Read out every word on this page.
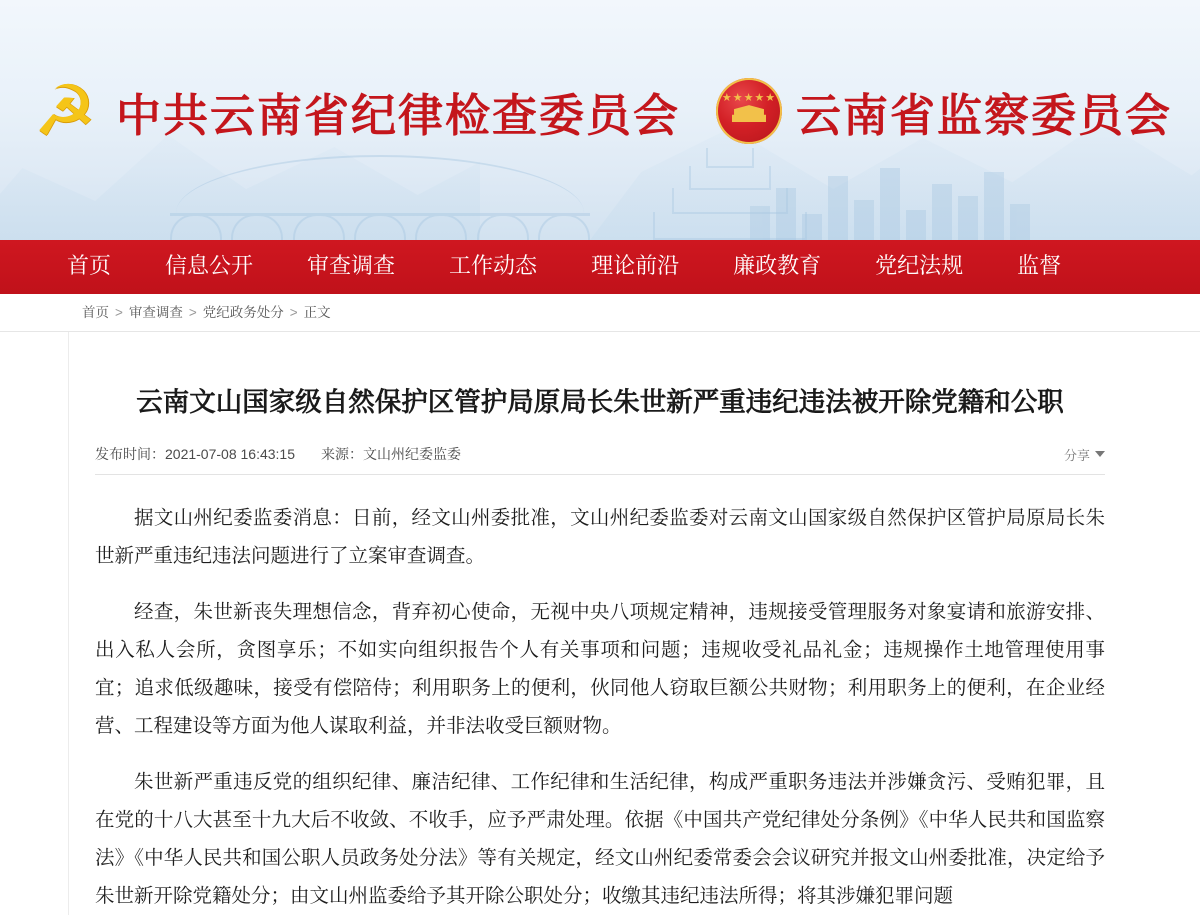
☭ 中共云南省纪律检查委员会	★★★★★ 云南省监察委员会
首页	信息公开	审查调查	工作动态	理论前沿	廉政教育	党纪法规	监督
首页 > 审查调查 > 党纪政务处分 > 正文
云南文山国家级自然保护区管护局原局长朱世新严重违纪违法被开除党籍和公职
发布时间：2021-07-08 16:43:15 来源：文山州纪委监委	分享

据文山州纪委监委消息：日前，经文山州委批准，文山州纪委监委对云南文山国家级自然保护区管护局原局长朱世新严重违纪违法问题进行了立案审查调查。

经查，朱世新丧失理想信念，背弃初心使命，无视中央八项规定精神，违规接受管理服务对象宴请和旅游安排、出入私人会所，贪图享乐；不如实向组织报告个人有关事项和问题；违规收受礼品礼金；违规操作土地管理使用事宜；追求低级趣味，接受有偿陪侍；利用职务上的便利，伙同他人窃取巨额公共财物；利用职务上的便利，在企业经营、工程建设等方面为他人谋取利益，并非法收受巨额财物。

朱世新严重违反党的组织纪律、廉洁纪律、工作纪律和生活纪律，构成严重职务违法并涉嫌贪污、受贿犯罪，且在党的十八大甚至十九大后不收敛、不收手，应予严肃处理。依据《中国共产党纪律处分条例》《中华人民共和国监察法》《中华人民共和国公职人员政务处分法》等有关规定，经文山州纪委常委会会议研究并报文山州委批准，决定给予朱世新开除党籍处分；由文山州监委给予其开除公职处分；收缴其违纪违法所得；将其涉嫌犯罪问题
